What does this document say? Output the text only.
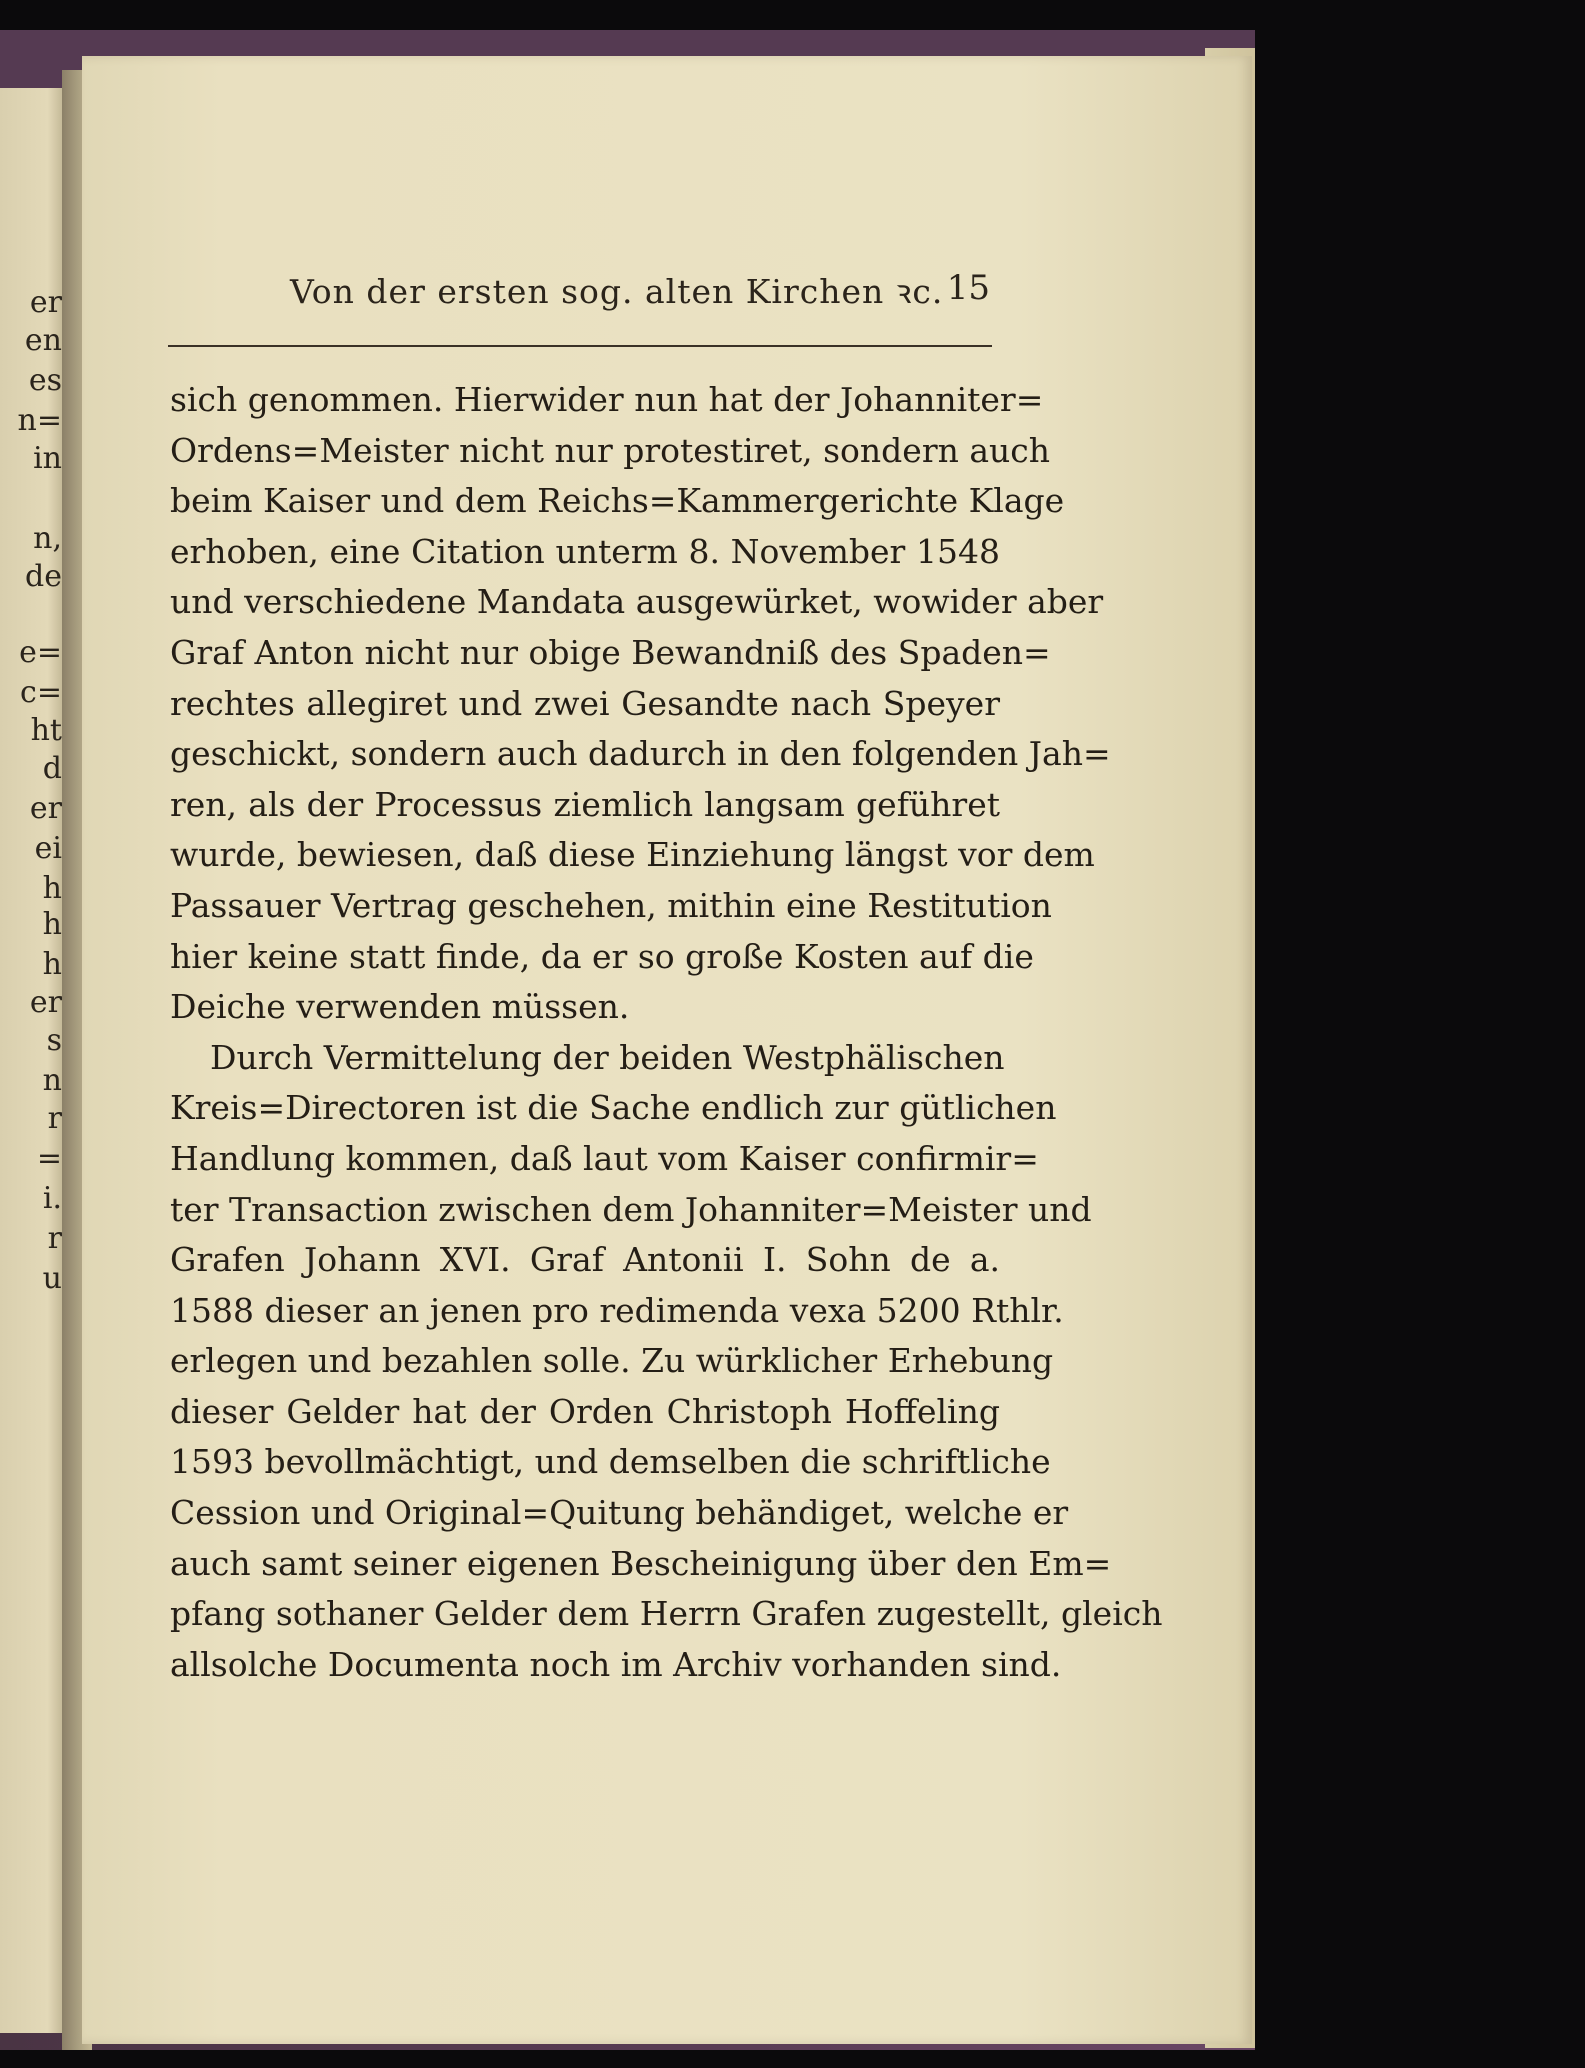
er
en
es
n=
in
n,
de
e=
c=
ht
d
er
ei
h
h
h
er
s
n
r
=
i.
r
u
Von der ersten sog. alten Kirchen ꝛc. 15
sich genommen. Hierwider nun hat der Johanniter=
Ordens=Meister nicht nur protestiret, sondern auch
beim Kaiser und dem Reichs=Kammergerichte Klage
erhoben, eine Citation unterm 8. November 1548
und verschiedene Mandata ausgewürket, wowider aber
Graf Anton nicht nur obige Bewandniß des Spaden=
rechtes allegiret und zwei Gesandte nach Speyer
geschickt, sondern auch dadurch in den folgenden Jah=
ren, als der Processus ziemlich langsam geführet
wurde, bewiesen, daß diese Einziehung längst vor dem
Passauer Vertrag geschehen, mithin eine Restitution
hier keine statt finde, da er so große Kosten auf die
Deiche verwenden müssen.
Durch Vermittelung der beiden Westphälischen
Kreis=Directoren ist die Sache endlich zur gütlichen
Handlung kommen, daß laut vom Kaiser confirmir=
ter Transaction zwischen dem Johanniter=Meister und
Grafen Johann XVI. Graf Antonii I. Sohn de a.
1588 dieser an jenen pro redimenda vexa 5200 Rthlr.
erlegen und bezahlen solle. Zu würklicher Erhebung
dieser Gelder hat der Orden Christoph Hoffeling
1593 bevollmächtigt, und demselben die schriftliche
Cession und Original=Quitung behändiget, welche er
auch samt seiner eigenen Bescheinigung über den Em=
pfang sothaner Gelder dem Herrn Grafen zugestellt, gleich
allsolche Documenta noch im Archiv vorhanden sind.
